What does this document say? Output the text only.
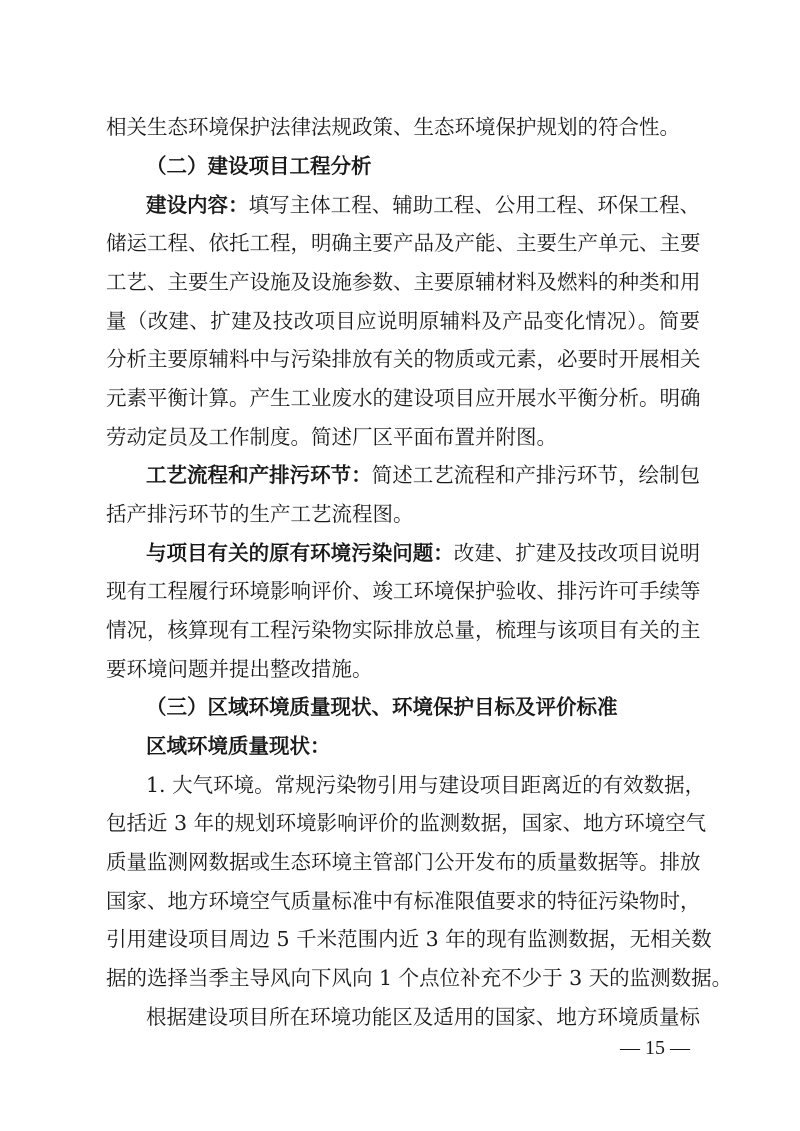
相关生态环境保护法律法规政策、生态环境保护规划的符合性。
（二）建设项目工程分析
建设内容：填写主体工程、辅助工程、公用工程、环保工程、
储运工程、依托工程，明确主要产品及产能、主要生产单元、主要
工艺、主要生产设施及设施参数、主要原辅材料及燃料的种类和用
量（改建、扩建及技改项目应说明原辅料及产品变化情况）。简要
分析主要原辅料中与污染排放有关的物质或元素，必要时开展相关
元素平衡计算。产生工业废水的建设项目应开展水平衡分析。明确
劳动定员及工作制度。简述厂区平面布置并附图。
工艺流程和产排污环节：简述工艺流程和产排污环节，绘制包
括产排污环节的生产工艺流程图。
与项目有关的原有环境污染问题：改建、扩建及技改项目说明
现有工程履行环境影响评价、竣工环境保护验收、排污许可手续等
情况，核算现有工程污染物实际排放总量，梳理与该项目有关的主
要环境问题并提出整改措施。
（三）区域环境质量现状、环境保护目标及评价标准
区域环境质量现状：
1. 大气环境。常规污染物引用与建设项目距离近的有效数据，
包括近 3 年的规划环境影响评价的监测数据，国家、地方环境空气
质量监测网数据或生态环境主管部门公开发布的质量数据等。排放
国家、地方环境空气质量标准中有标准限值要求的特征污染物时，
引用建设项目周边 5 千米范围内近 3 年的现有监测数据，无相关数
据的选择当季主导风向下风向 1 个点位补充不少于 3 天的监测数据。
根据建设项目所在环境功能区及适用的国家、地方环境质量标
— 15 —
